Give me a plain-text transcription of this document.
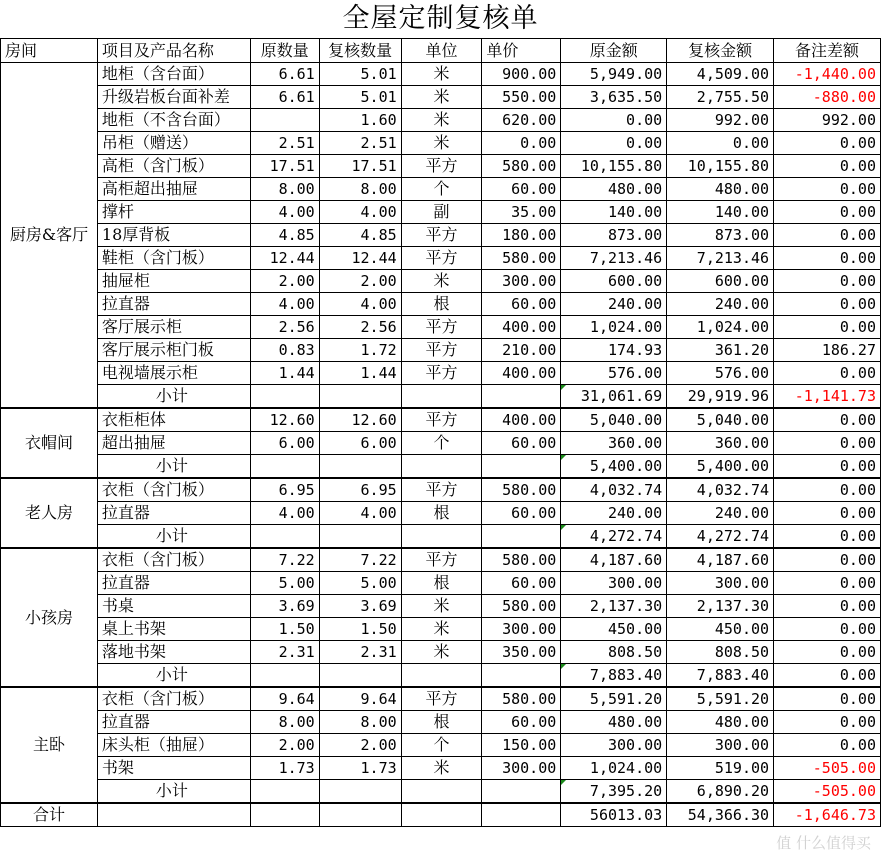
全屋定制复核单
房间	项目及产品名称	原数量	复核数量	单位	单价	原金额	复核金额	备注差额
厨房&客厅	地柜（含台面）	6.61	5.01	米	900.00	5,949.00	4,509.00	-1,440.00
	升级岩板台面补差	6.61	5.01	米	550.00	3,635.50	2,755.50	-880.00
	地柜（不含台面）		1.60	米	620.00	0.00	992.00	992.00
	吊柜（赠送）	2.51	2.51	米	0.00	0.00	0.00	0.00
	高柜（含门板）	17.51	17.51	平方	580.00	10,155.80	10,155.80	0.00
	高柜超出抽屉	8.00	8.00	个	60.00	480.00	480.00	0.00
	撑杆	4.00	4.00	副	35.00	140.00	140.00	0.00
	18厚背板	4.85	4.85	平方	180.00	873.00	873.00	0.00
	鞋柜（含门板）	12.44	12.44	平方	580.00	7,213.46	7,213.46	0.00
	抽屉柜	2.00	2.00	米	300.00	600.00	600.00	0.00
	拉直器	4.00	4.00	根	60.00	240.00	240.00	0.00
	客厅展示柜	2.56	2.56	平方	400.00	1,024.00	1,024.00	0.00
	客厅展示柜门板	0.83	1.72	平方	210.00	174.93	361.20	186.27
	电视墙展示柜	1.44	1.44	平方	400.00	576.00	576.00	0.00
	小计					31,061.69	29,919.96	-1,141.73
衣帽间	衣柜柜体	12.60	12.60	平方	400.00	5,040.00	5,040.00	0.00
	超出抽屉	6.00	6.00	个	60.00	360.00	360.00	0.00
	小计					5,400.00	5,400.00	0.00
老人房	衣柜（含门板）	6.95	6.95	平方	580.00	4,032.74	4,032.74	0.00
	拉直器	4.00	4.00	根	60.00	240.00	240.00	0.00
	小计					4,272.74	4,272.74	0.00
小孩房	衣柜（含门板）	7.22	7.22	平方	580.00	4,187.60	4,187.60	0.00
	拉直器	5.00	5.00	根	60.00	300.00	300.00	0.00
	书桌	3.69	3.69	米	580.00	2,137.30	2,137.30	0.00
	桌上书架	1.50	1.50	米	300.00	450.00	450.00	0.00
	落地书架	2.31	2.31	米	350.00	808.50	808.50	0.00
	小计					7,883.40	7,883.40	0.00
主卧	衣柜（含门板）	9.64	9.64	平方	580.00	5,591.20	5,591.20	0.00
	拉直器	8.00	8.00	根	60.00	480.00	480.00	0.00
	床头柜（抽屉）	2.00	2.00	个	150.00	300.00	300.00	0.00
	书架	1.73	1.73	米	300.00	1,024.00	519.00	-505.00
	小计					7,395.20	6,890.20	-505.00
合计						56013.03	54,366.30	-1,646.73
值 什么值得买
